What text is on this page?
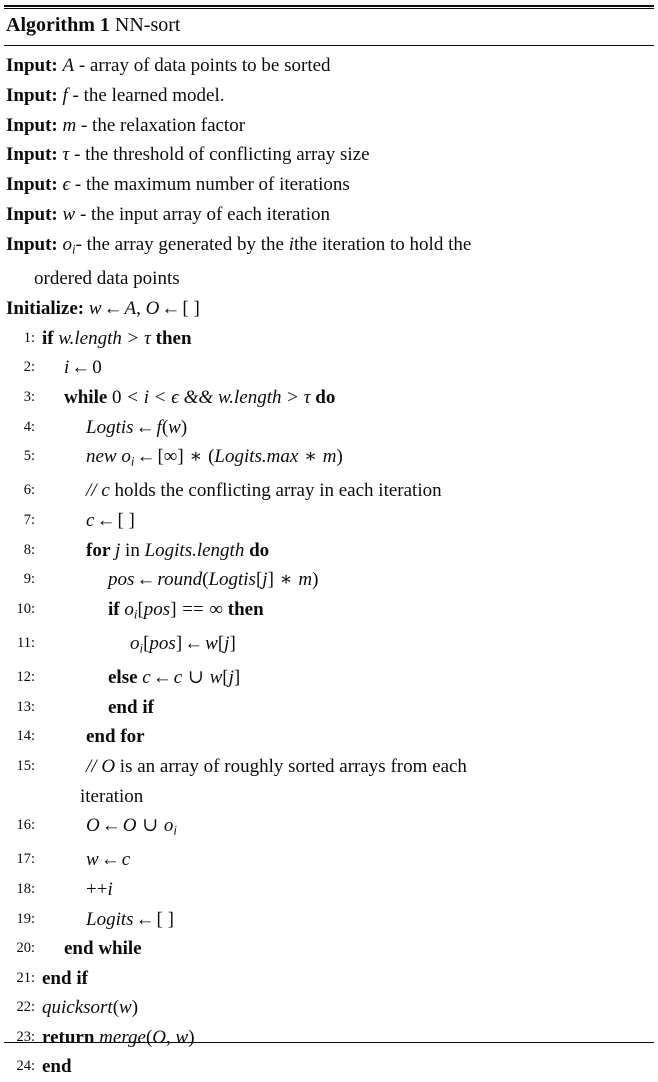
Algorithm 1 NN-sort
Input: A - array of data points to be sorted
Input: f - the learned model.
Input: m - the relaxation factor
Input: τ - the threshold of conflicting array size
Input: ϵ - the maximum number of iterations
Input: w - the input array of each iteration
Input: $o_i-$ the array generated by the ithe iteration to hold the
ordered data points
Initialize: w ← A, O ← [ ]
1: if w.length > τ then
2:	i ← 0
3:	while 0 < i < ϵ && w.length > τ do
4:	Logtis ← f(w)
5:	new $o_i$ ← [∞] ∗ (Logits.max ∗ m)
6:	// c holds the conflicting array in each iteration
7:	c ← [ ]
8:	for j in Logits.length do
9:	pos ← round(Logtis[j] ∗ m)
10:	if $o_i[pos]$ == ∞ then
11:	$o_i[pos]$ ← w[j]
12:	else c ← c ∪ w[j]
13:	end if
14:	end for
15:	// O is an array of roughly sorted arrays from each
iteration
16:	O ← O ∪ $o_i$
17:	w ← c
18:	++i
19:	Logits ← [ ]
20:	end while
21: end if
22: quicksort(w)
23: return merge(O, w)
24: end
